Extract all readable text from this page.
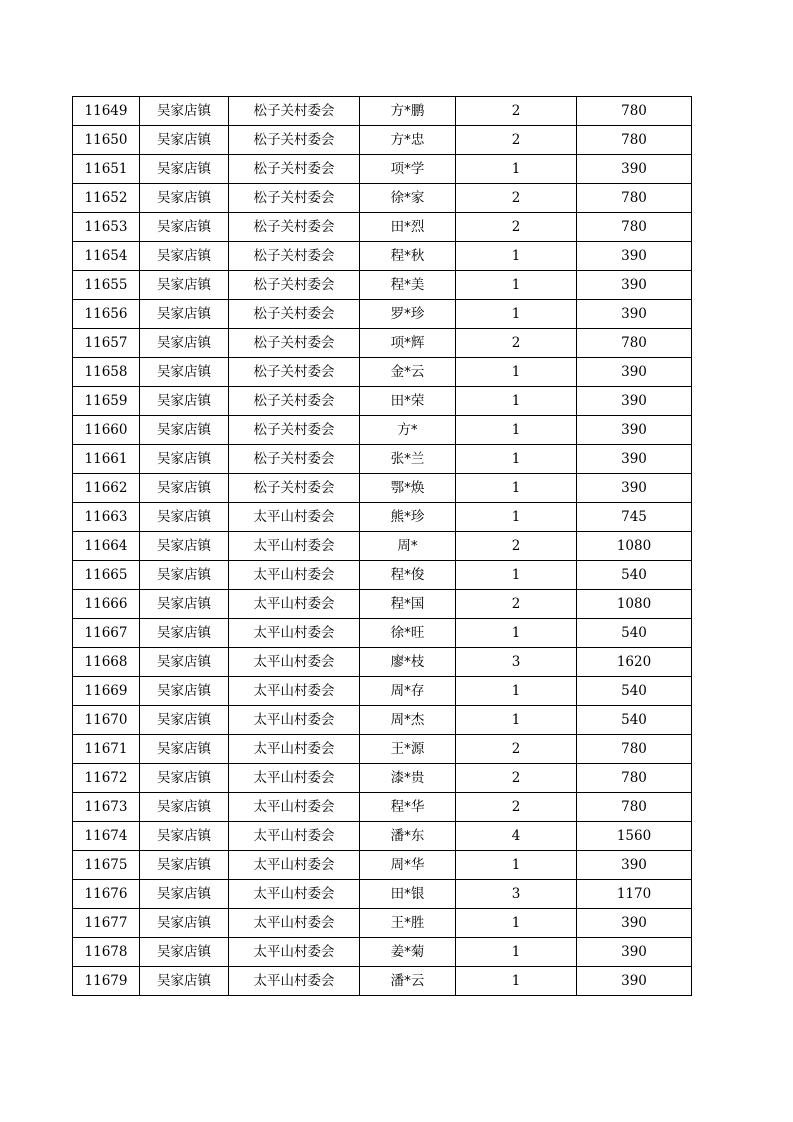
11649	吴家店镇	松子关村委会	方*鹏	2	780
11650	吴家店镇	松子关村委会	方*忠	2	780
11651	吴家店镇	松子关村委会	项*学	1	390
11652	吴家店镇	松子关村委会	徐*家	2	780
11653	吴家店镇	松子关村委会	田*烈	2	780
11654	吴家店镇	松子关村委会	程*秋	1	390
11655	吴家店镇	松子关村委会	程*美	1	390
11656	吴家店镇	松子关村委会	罗*珍	1	390
11657	吴家店镇	松子关村委会	项*辉	2	780
11658	吴家店镇	松子关村委会	金*云	1	390
11659	吴家店镇	松子关村委会	田*荣	1	390
11660	吴家店镇	松子关村委会	方*	1	390
11661	吴家店镇	松子关村委会	张*兰	1	390
11662	吴家店镇	松子关村委会	鄂*焕	1	390
11663	吴家店镇	太平山村委会	熊*珍	1	745
11664	吴家店镇	太平山村委会	周*	2	1080
11665	吴家店镇	太平山村委会	程*俊	1	540
11666	吴家店镇	太平山村委会	程*国	2	1080
11667	吴家店镇	太平山村委会	徐*旺	1	540
11668	吴家店镇	太平山村委会	廖*枝	3	1620
11669	吴家店镇	太平山村委会	周*存	1	540
11670	吴家店镇	太平山村委会	周*杰	1	540
11671	吴家店镇	太平山村委会	王*源	2	780
11672	吴家店镇	太平山村委会	漆*贵	2	780
11673	吴家店镇	太平山村委会	程*华	2	780
11674	吴家店镇	太平山村委会	潘*东	4	1560
11675	吴家店镇	太平山村委会	周*华	1	390
11676	吴家店镇	太平山村委会	田*银	3	1170
11677	吴家店镇	太平山村委会	王*胜	1	390
11678	吴家店镇	太平山村委会	姜*菊	1	390
11679	吴家店镇	太平山村委会	潘*云	1	390
